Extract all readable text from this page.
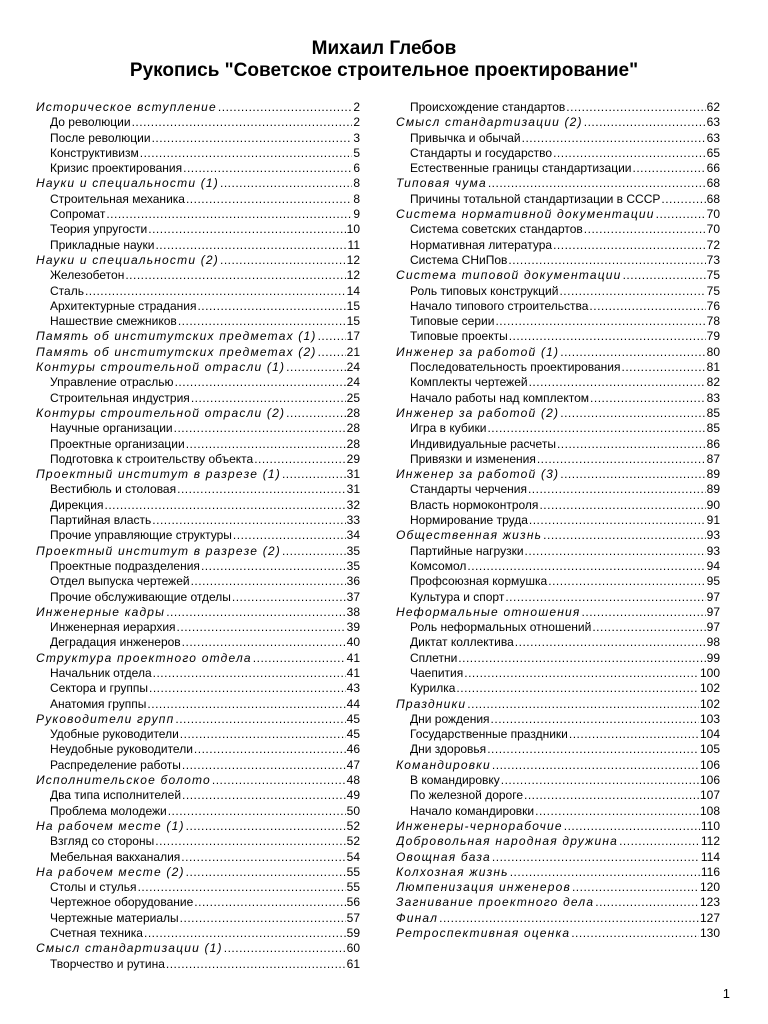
Михаил Глебов
Рукопись "Советское строительное проектирование"
Историческое вступление .....	2
До революции .....	2
После революции .....	3
Конструктивизм .....	5
Кризис проектирования .....	6
Науки и специальности (1) .....	8
Строительная механика .....	8
Сопромат .....	9
Теория упругости .....	10
Прикладные науки .....	11
Науки и специальности (2) .....	12
Железобетон .....	12
Сталь .....	14
Архитектурные страдания .....	15
Нашествие смежников .....	15
Память об институтских предметах (1) .....	17
Память об институтских предметах (2) .....	21
Контуры строительной отрасли (1) .....	24
Управление отраслью .....	24
Строительная индустрия .....	25
Контуры строительной отрасли (2) .....	28
Научные организации .....	28
Проектные организации .....	28
Подготовка к строительству объекта .....	29
Проектный институт в разрезе (1) .....	31
Вестибюль и столовая .....	31
Дирекция .....	32
Партийная власть .....	33
Прочие управляющие структуры .....	34
Проектный институт в разрезе (2) .....	35
Проектные подразделения .....	35
Отдел выпуска чертежей .....	36
Прочие обслуживающие отделы .....	37
Инженерные кадры .....	38
Инженерная иерархия .....	39
Деградация инженеров .....	40
Структура проектного отдела .....	41
Начальник отдела .....	41
Сектора и группы .....	43
Анатомия группы .....	44
Руководители групп .....	45
Удобные руководители .....	45
Неудобные руководители .....	46
Распределение работы .....	47
Исполнительское болото .....	48
Два типа исполнителей .....	49
Проблема молодежи .....	50
На рабочем месте (1) .....	52
Взгляд со стороны .....	52
Мебельная вакханалия .....	54
На рабочем месте (2) .....	55
Столы и стулья .....	55
Чертежное оборудование .....	56
Чертежные материалы .....	57
Счетная техника .....	59
Смысл стандартизации (1) .....	60
Творчество и рутина .....	61
Происхождение стандартов .....	62
Смысл стандартизации (2) .....	63
Привычка и обычай .....	63
Стандарты и государство .....	65
Естественные границы стандартизации .....	66
Типовая чума .....	68
Причины тотальной стандартизации в СССР .....	68
Система нормативной документации .....	70
Система советских стандартов .....	70
Нормативная литература .....	72
Система СНиПов .....	73
Система типовой документации .....	75
Роль типовых конструкций .....	75
Начало типового строительства .....	76
Типовые серии .....	78
Типовые проекты .....	79
Инженер за работой (1) .....	80
Последовательность проектирования .....	81
Комплекты чертежей .....	82
Начало работы над комплектом .....	83
Инженер за работой (2) .....	85
Игра в кубики .....	85
Индивидуальные расчеты .....	86
Привязки и изменения .....	87
Инженер за работой (3) .....	89
Стандарты черчения .....	89
Власть нормоконтроля .....	90
Нормирование труда .....	91
Общественная жизнь .....	93
Партийные нагрузки .....	93
Комсомол .....	94
Профсоюзная кормушка .....	95
Культура и спорт .....	97
Неформальные отношения .....	97
Роль неформальных отношений .....	97
Диктат коллектива .....	98
Сплетни .....	99
Чаепития .....	100
Курилка .....	102
Праздники .....	102
Дни рождения .....	103
Государственные праздники .....	104
Дни здоровья .....	105
Командировки .....	106
В командировку .....	106
По железной дороге .....	107
Начало командировки .....	108
Инженеры-чернорабочие .....	110
Добровольная народная дружина .....	112
Овощная база .....	114
Колхозная жизнь .....	116
Люмпенизация инженеров .....	120
Загнивание проектного дела .....	123
Финал .....	127
Ретроспективная оценка .....	130
1
